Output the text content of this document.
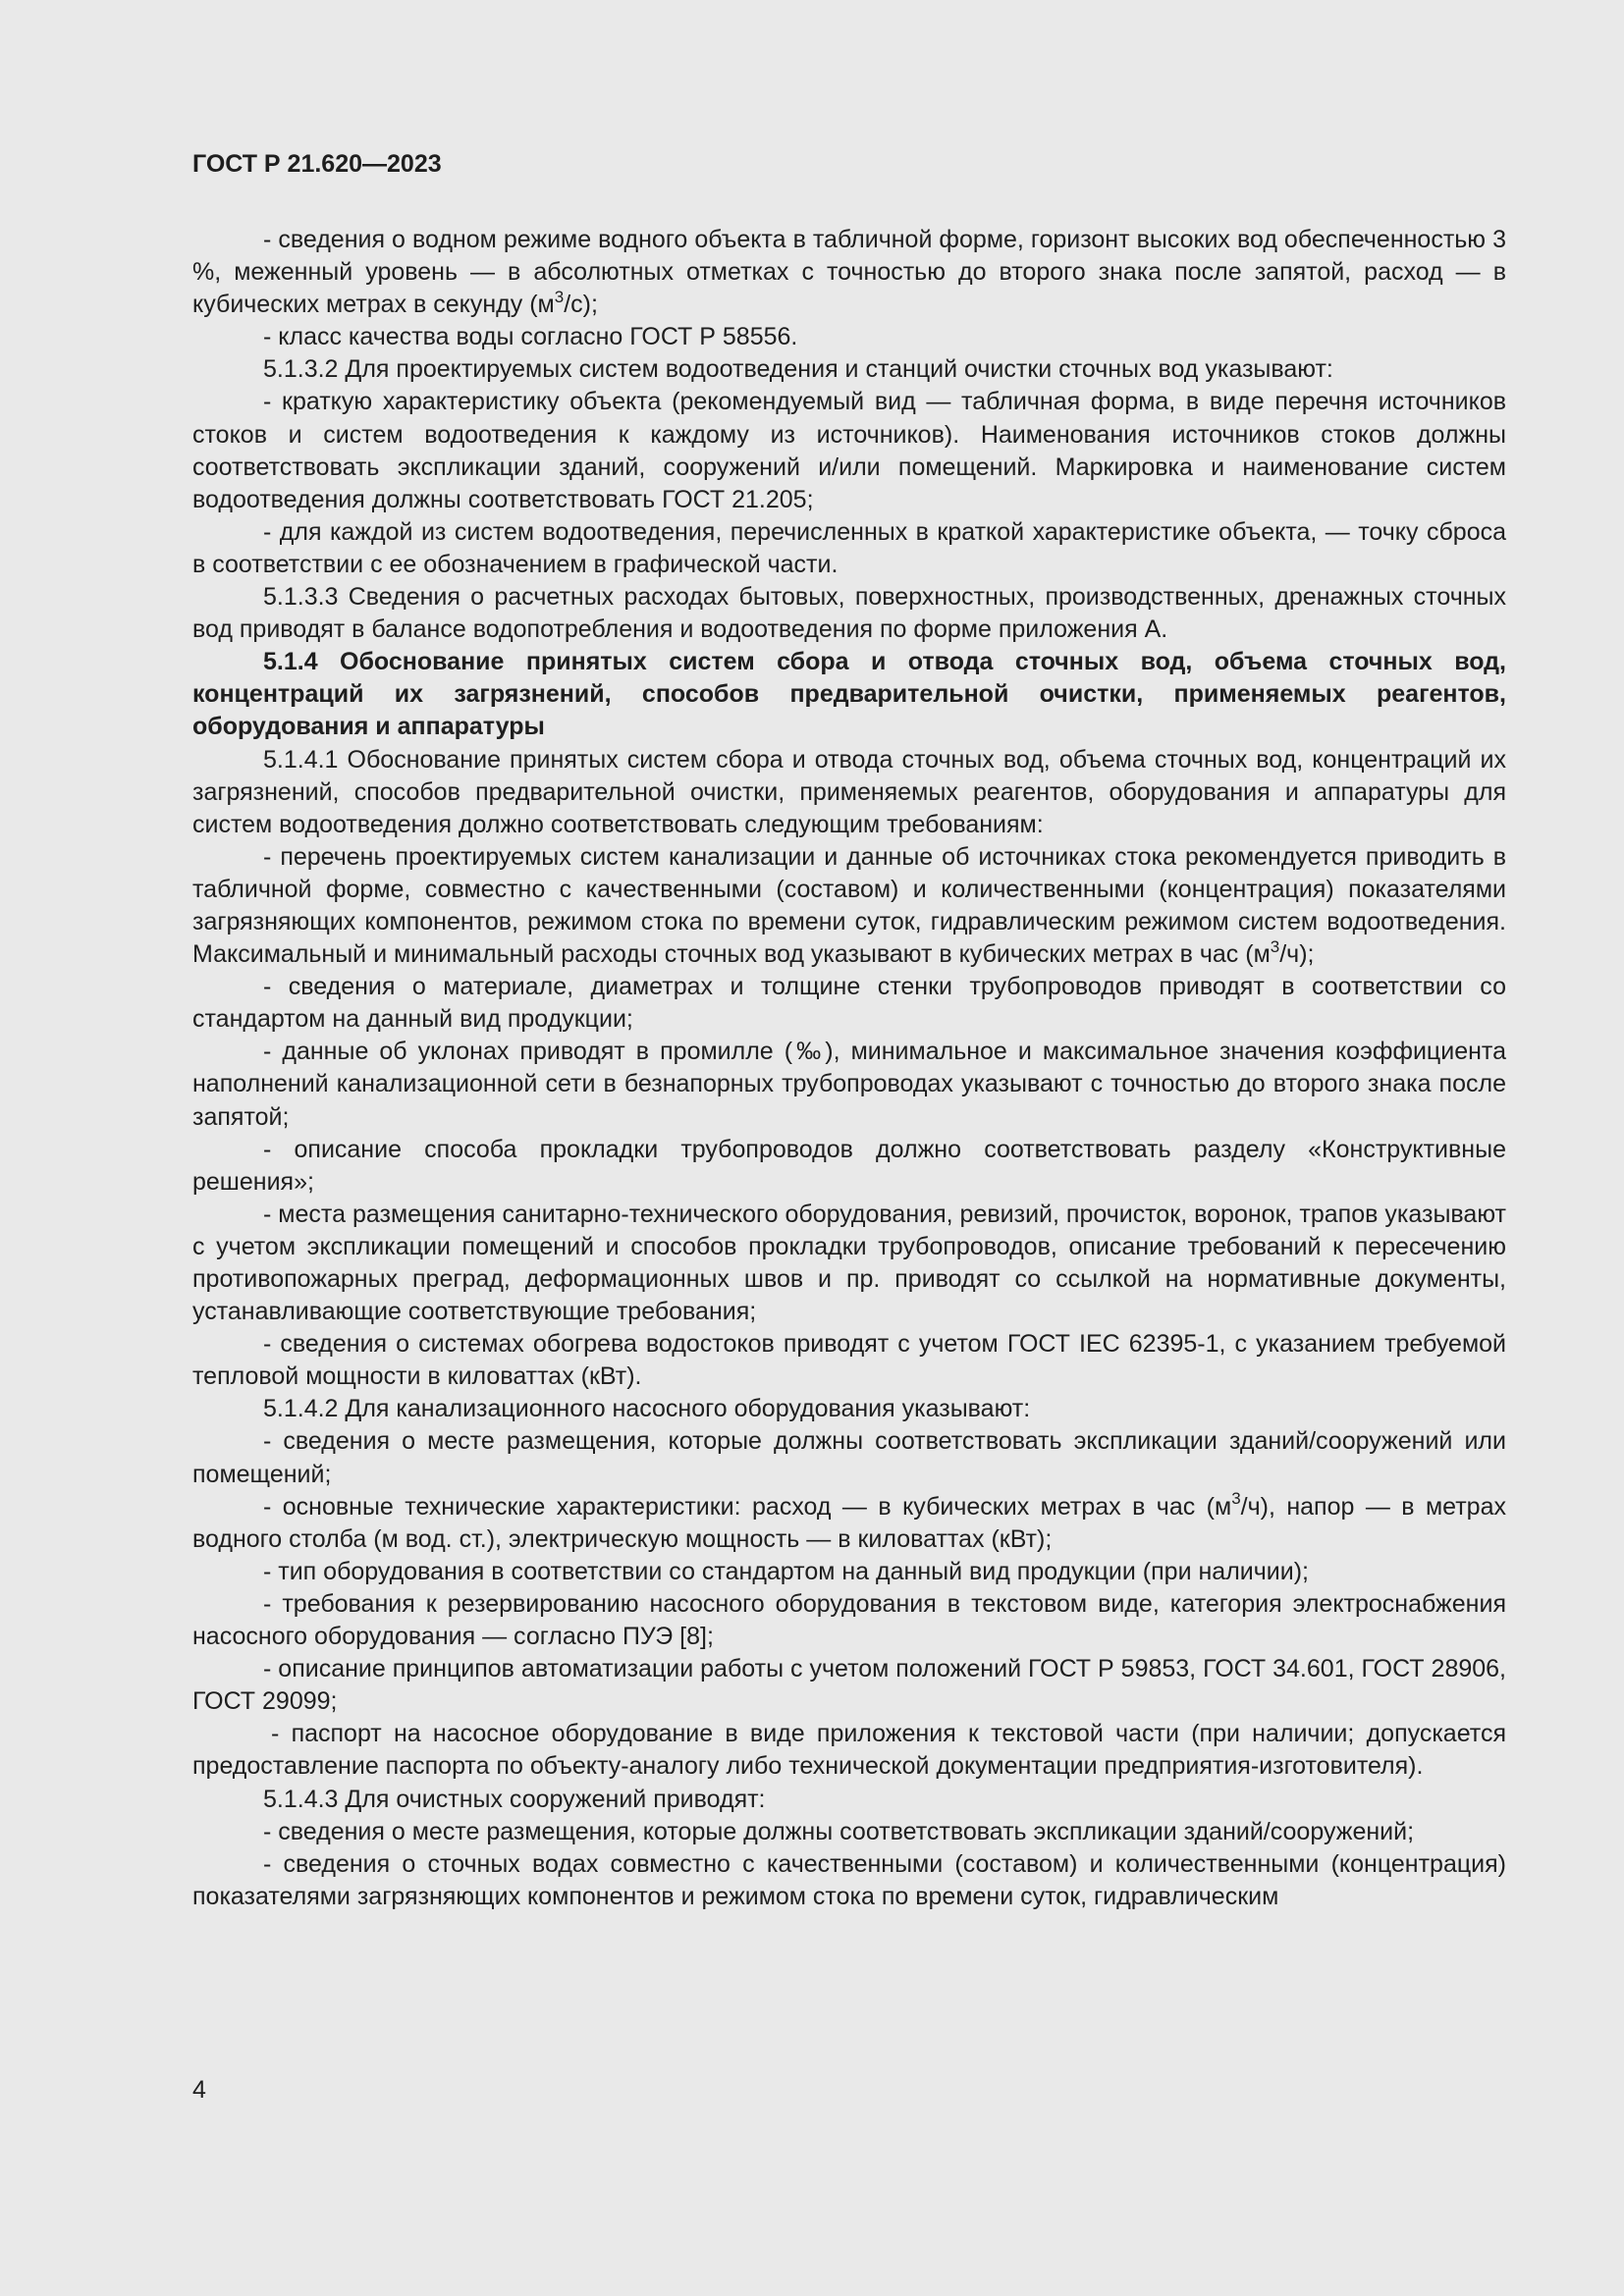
ГОСТ Р 21.620—2023

- сведения о водном режиме водного объекта в табличной форме, горизонт высоких вод обеспеченностью 3 %, меженный уровень — в абсолютных отметках с точностью до второго знака после запятой, расход — в кубических метрах в секунду $(м^3/с)$;

- класс качества воды согласно ГОСТ Р 58556.

5.1.3.2 Для проектируемых систем водоотведения и станций очистки сточных вод указывают:

- краткую характеристику объекта (рекомендуемый вид — табличная форма, в виде перечня источников стоков и систем водоотведения к каждому из источников). Наименования источников стоков должны соответствовать экспликации зданий, сооружений и/или помещений. Маркировка и наименование систем водоотведения должны соответствовать ГОСТ 21.205;

- для каждой из систем водоотведения, перечисленных в краткой характеристике объекта, — точку сброса в соответствии с ее обозначением в графической части.

5.1.3.3 Сведения о расчетных расходах бытовых, поверхностных, производственных, дренажных сточных вод приводят в балансе водопотребления и водоотведения по форме приложения А.

5.1.4 Обоснование принятых систем сбора и отвода сточных вод, объема сточных вод, концентраций их загрязнений, способов предварительной очистки, применяемых реагентов, оборудования и аппаратуры

5.1.4.1 Обоснование принятых систем сбора и отвода сточных вод, объема сточных вод, концентраций их загрязнений, способов предварительной очистки, применяемых реагентов, оборудования и аппаратуры для систем водоотведения должно соответствовать следующим требованиям:

- перечень проектируемых систем канализации и данные об источниках стока рекомендуется приводить в табличной форме, совместно с качественными (составом) и количественными (концентрация) показателями загрязняющих компонентов, режимом стока по времени суток, гидравлическим режимом систем водоотведения. Максимальный и минимальный расходы сточных вод указывают в кубических метрах в час $(м^3/ч)$;

- сведения о материале, диаметрах и толщине стенки трубопроводов приводят в соответствии со стандартом на данный вид продукции;

- данные об уклонах приводят в промилле (‰), минимальное и максимальное значения коэффициента наполнений канализационной сети в безнапорных трубопроводах указывают с точностью до второго знака после запятой;

- описание способа прокладки трубопроводов должно соответствовать разделу «Конструктивные решения»;

- места размещения санитарно-технического оборудования, ревизий, прочисток, воронок, трапов указывают с учетом экспликации помещений и способов прокладки трубопроводов, описание требований к пересечению противопожарных преград, деформационных швов и пр. приводят со ссылкой на нормативные документы, устанавливающие соответствующие требования;

- сведения о системах обогрева водостоков приводят с учетом ГОСТ IEC 62395-1, с указанием требуемой тепловой мощности в киловаттах (кВт).

5.1.4.2 Для канализационного насосного оборудования указывают:

- сведения о месте размещения, которые должны соответствовать экспликации зданий/сооружений или помещений;

- основные технические характеристики: расход — в кубических метрах в час $(м^3/ч)$, напор — в метрах водного столба (м вод. ст.), электрическую мощность — в киловаттах (кВт);

- тип оборудования в соответствии со стандартом на данный вид продукции (при наличии);

- требования к резервированию насосного оборудования в текстовом виде, категория электроснабжения насосного оборудования — согласно ПУЭ [8];

- описание принципов автоматизации работы с учетом положений ГОСТ Р 59853, ГОСТ 34.601, ГОСТ 28906, ГОСТ 29099;

- паспорт на насосное оборудование в виде приложения к текстовой части (при наличии; допускается предоставление паспорта по объекту-аналогу либо технической документации предприятия-изготовителя).

5.1.4.3 Для очистных сооружений приводят:

- сведения о месте размещения, которые должны соответствовать экспликации зданий/сооружений;

- сведения о сточных водах совместно с качественными (составом) и количественными (концентрация) показателями загрязняющих компонентов и режимом стока по времени суток, гидравлическим

4
